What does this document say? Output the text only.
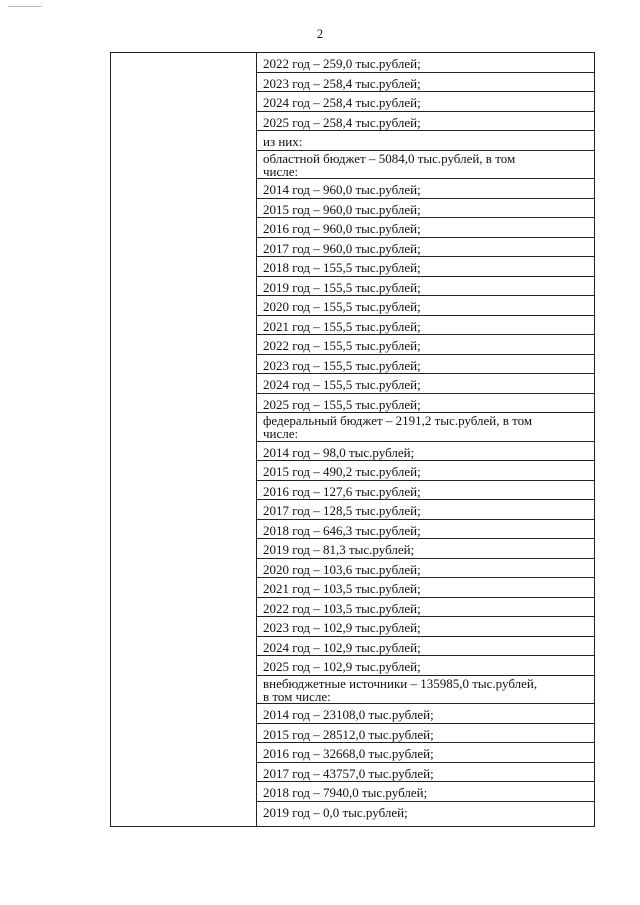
2
2022 год – 259,0 тыс.рублей;
2023 год – 258,4 тыс.рублей;
2024 год – 258,4 тыс.рублей;
2025 год – 258,4 тыс.рублей;
из них:
областной бюджет – 5084,0 тыс.рублей, в том
числе:
2014 год – 960,0 тыс.рублей;
2015 год – 960,0 тыс.рублей;
2016 год – 960,0 тыс.рублей;
2017 год – 960,0 тыс.рублей;
2018 год – 155,5 тыс.рублей;
2019 год – 155,5 тыс.рублей;
2020 год – 155,5 тыс.рублей;
2021 год – 155,5 тыс.рублей;
2022 год – 155,5 тыс.рублей;
2023 год – 155,5 тыс.рублей;
2024 год – 155,5 тыс.рублей;
2025 год – 155,5 тыс.рублей;
федеральный бюджет – 2191,2 тыс.рублей, в том
числе:
2014 год – 98,0 тыс.рублей;
2015 год – 490,2 тыс.рублей;
2016 год – 127,6 тыс.рублей;
2017 год – 128,5 тыс.рублей;
2018 год – 646,3 тыс.рублей;
2019 год – 81,3 тыс.рублей;
2020 год – 103,6 тыс.рублей;
2021 год – 103,5 тыс.рублей;
2022 год – 103,5 тыс.рублей;
2023 год – 102,9 тыс.рублей;
2024 год – 102,9 тыс.рублей;
2025 год – 102,9 тыс.рублей;
внебюджетные источники – 135985,0 тыс.рублей,
в том числе:
2014 год – 23108,0 тыс.рублей;
2015 год – 28512,0 тыс.рублей;
2016 год – 32668,0 тыс.рублей;
2017 год – 43757,0 тыс.рублей;
2018 год – 7940,0 тыс.рублей;
2019 год – 0,0 тыс.рублей;
